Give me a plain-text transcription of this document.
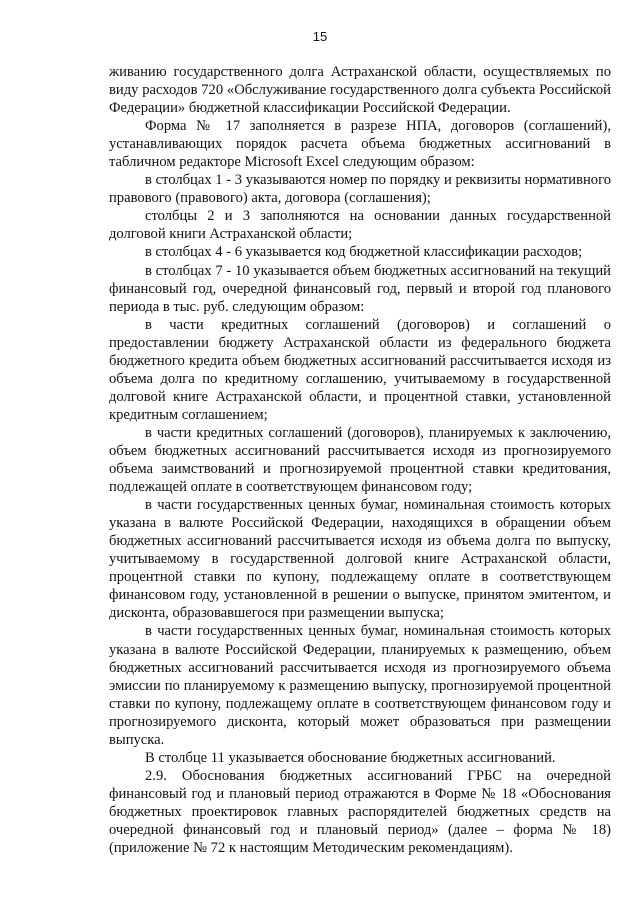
15

живанию государственного долга Астраханской области, осуществляемых по виду расходов 720 «Обслуживание государственного долга субъекта Российской Федерации» бюджетной классификации Российской Федерации.

Форма № 17 заполняется в разрезе НПА, договоров (соглашений), устанавливающих порядок расчета объема бюджетных ассигнований в табличном редакторе Microsoft Excel следующим образом:

в столбцах 1 - 3 указываются номер по порядку и реквизиты нормативного правового (правового) акта, договора (соглашения);

столбцы 2 и 3 заполняются на основании данных государственной долговой книги Астраханской области;

в столбцах 4 - 6 указывается код бюджетной классификации расходов;

в столбцах 7 - 10 указывается объем бюджетных ассигнований на текущий финансовый год, очередной финансовый год, первый и второй год планового периода в тыс. руб. следующим образом:

в части кредитных соглашений (договоров) и соглашений о предоставлении бюджету Астраханской области из федерального бюджета бюджетного кредита объем бюджетных ассигнований рассчитывается исходя из объема долга по кредитному соглашению, учитываемому в государственной долговой книге Астраханской области, и процентной ставки, установленной кредитным соглашением;

в части кредитных соглашений (договоров), планируемых к заключению, объем бюджетных ассигнований рассчитывается исходя из прогнозируемого объема заимствований и прогнозируемой процентной ставки кредитования, подлежащей оплате в соответствующем финансовом году;

в части государственных ценных бумаг, номинальная стоимость которых указана в валюте Российской Федерации, находящихся в обращении объем бюджетных ассигнований рассчитывается исходя из объема долга по выпуску, учитываемому в государственной долговой книге Астраханской области, процентной ставки по купону, подлежащему оплате в соответствующем финансовом году, установленной в решении о выпуске, принятом эмитентом, и дисконта, образовавшегося при размещении выпуска;

в части государственных ценных бумаг, номинальная стоимость которых указана в валюте Российской Федерации, планируемых к размещению, объем бюджетных ассигнований рассчитывается исходя из прогнозируемого объема эмиссии по планируемому к размещению выпуску, прогнозируемой процентной ставки по купону, подлежащему оплате в соответствующем финансовом году и прогнозируемого дисконта, который может образоваться при размещении выпуска.

В столбце 11 указывается обоснование бюджетных ассигнований.

2.9. Обоснования бюджетных ассигнований ГРБС на очередной финансовый год и плановый период отражаются в Форме № 18 «Обоснования бюджетных проектировок главных распорядителей бюджетных средств на очередной финансовый год и плановый период» (далее – форма № 18) (приложение № 72 к настоящим Методическим рекомендациям).
